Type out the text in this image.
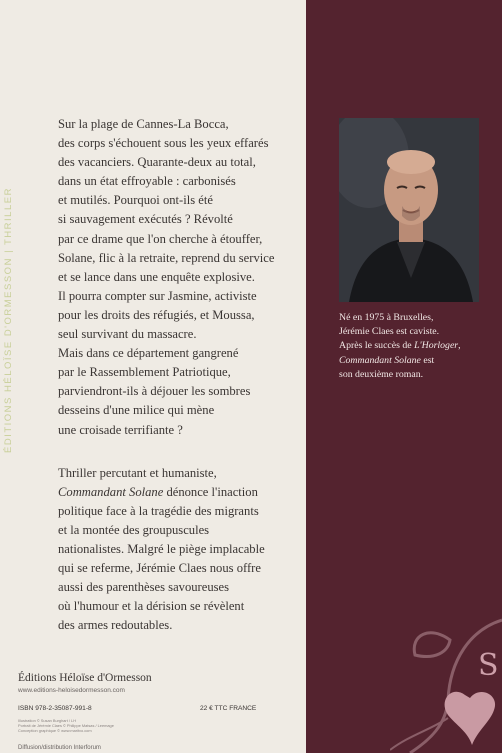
ÉDITIONS HÉLOÏSE D'ORMESSON | THRILLER

Sur la plage de Cannes-La Bocca,
des corps s'échouent sous les yeux effarés
des vacanciers. Quarante-deux au total,
dans un état effroyable : carbonisés
et mutilés. Pourquoi ont-ils été
si sauvagement exécutés ? Révolté
par ce drame que l'on cherche à étouffer,
Solane, flic à la retraite, reprend du service
et se lance dans une enquête explosive.
Il pourra compter sur Jasmine, activiste
pour les droits des réfugiés, et Moussa,
seul survivant du massacre.
Mais dans ce département gangrené
par le Rassemblement Patriotique,
parviendront-ils à déjouer les sombres
desseins d'une milice qui mène
une croisade terrifiante ?

Thriller percutant et humaniste,
Commandant Solane dénonce l'inaction
politique face à la tragédie des migrants
et la montée des groupuscules
nationalistes. Malgré le piège implacable
qui se referme, Jérémie Claes nous offre
aussi des parenthèses savoureuses
où l'humour et la dérision se révèlent
des armes redoutables.

Né en 1975 à Bruxelles,
Jérémie Claes est caviste.
Après le succès de L'Horloger,
Commandant Solane est
son deuxième roman.
Éditions Héloïse d'Ormesson
www.editions-heloisedormesson.com
ISBN 978-2-35087-991-8	22 € TTC FRANCE
Illustration © Susan Burghart / LH
Portrait de Jérémie Claes © Philippe Matsas / Leemage
Conception graphique © www.maritxo.com
Diffusion/distribution Interforum
S
